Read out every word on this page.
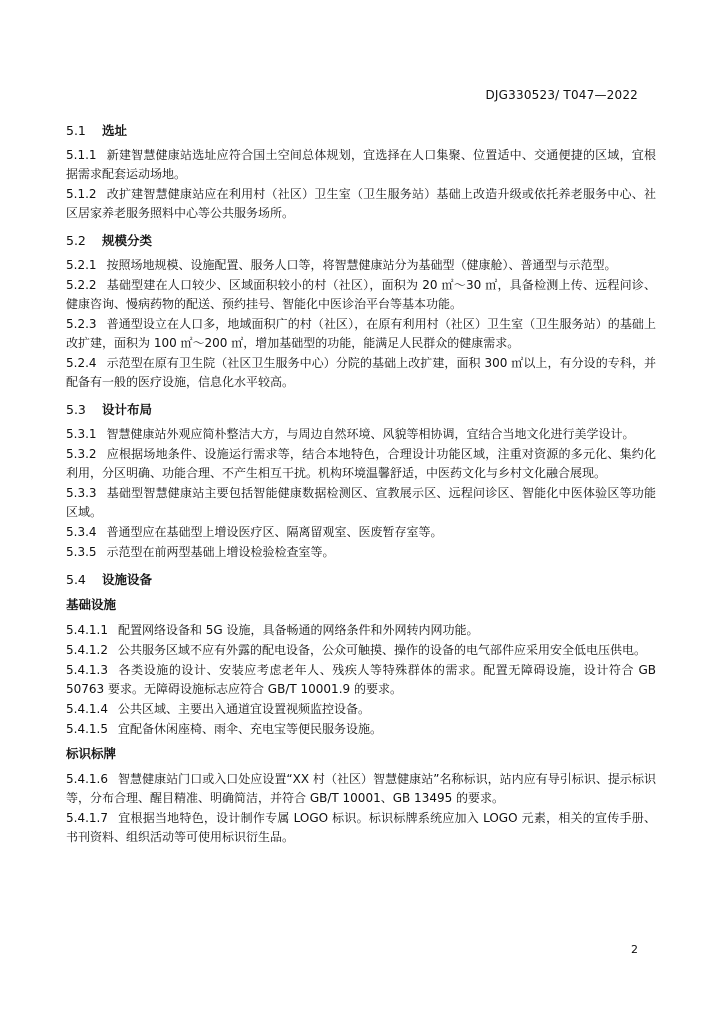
DJG330523/ T047—2022
5.1 选址
5.1.1 新建智慧健康站选址应符合国土空间总体规划，宜选择在人口集聚、位置适中、交通便捷的区域，宜根据需求配套运动场地。
5.1.2 改扩建智慧健康站应在利用村（社区）卫生室（卫生服务站）基础上改造升级或依托养老服务中心、社区居家养老服务照料中心等公共服务场所。
5.2 规模分类
5.2.1 按照场地规模、设施配置、服务人口等，将智慧健康站分为基础型（健康舱）、普通型与示范型。
5.2.2 基础型建在人口较少、区域面积较小的村（社区），面积为 20 ㎡～30 ㎡，具备检测上传、远程问诊、健康咨询、慢病药物的配送、预约挂号、智能化中医诊治平台等基本功能。
5.2.3 普通型设立在人口多，地域面积广的村（社区），在原有利用村（社区）卫生室（卫生服务站）的基础上改扩建，面积为 100 ㎡～200 ㎡，增加基础型的功能，能满足人民群众的健康需求。
5.2.4 示范型在原有卫生院（社区卫生服务中心）分院的基础上改扩建，面积 300 ㎡以上，有分设的专科，并配备有一般的医疗设施，信息化水平较高。
5.3 设计布局
5.3.1 智慧健康站外观应简朴整洁大方，与周边自然环境、风貌等相协调，宜结合当地文化进行美学设计。
5.3.2 应根据场地条件、设施运行需求等，结合本地特色，合理设计功能区域，注重对资源的多元化、集约化利用，分区明确、功能合理、不产生相互干扰。机构环境温馨舒适，中医药文化与乡村文化融合展现。
5.3.3 基础型智慧健康站主要包括智能健康数据检测区、宣教展示区、远程问诊区、智能化中医体验区等功能区域。
5.3.4 普通型应在基础型上增设医疗区、隔离留观室、医废暂存室等。
5.3.5 示范型在前两型基础上增设检验检查室等。
5.4 设施设备
基础设施
5.4.1.1 配置网络设备和 5G 设施，具备畅通的网络条件和外网转内网功能。
5.4.1.2 公共服务区域不应有外露的配电设备，公众可触摸、操作的设备的电气部件应采用安全低电压供电。
5.4.1.3 各类设施的设计、安装应考虑老年人、残疾人等特殊群体的需求。配置无障碍设施，设计符合 GB 50763 要求。无障碍设施标志应符合 GB/T 10001.9 的要求。
5.4.1.4 公共区域、主要出入通道宜设置视频监控设备。
5.4.1.5 宜配备休闲座椅、雨伞、充电宝等便民服务设施。
标识标牌
5.4.1.6 智慧健康站门口或入口处应设置“XX 村（社区）智慧健康站”名称标识，站内应有导引标识、提示标识等，分布合理、醒目精准、明确简洁，并符合 GB/T 10001、GB 13495 的要求。
5.4.1.7 宜根据当地特色，设计制作专属 LOGO 标识。标识标牌系统应加入 LOGO 元素，相关的宣传手册、书刊资料、组织活动等可使用标识衍生品。
2
